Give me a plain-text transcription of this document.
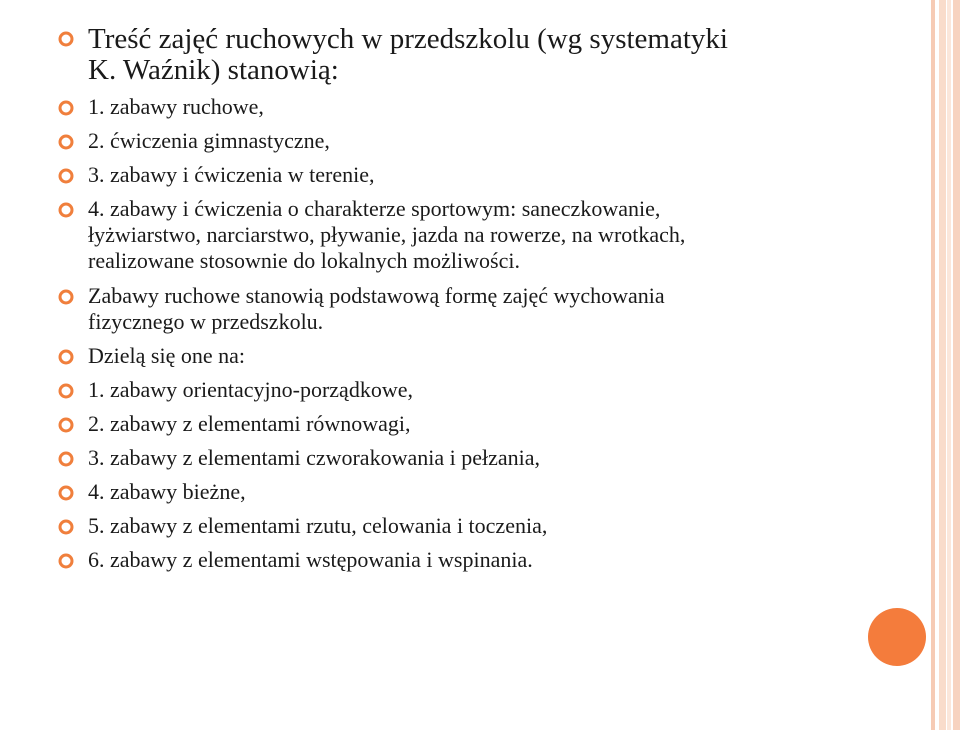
Treść zajęć ruchowych w przedszkolu (wg systematyki
K. Waźnik) stanowią:
1. zabawy ruchowe,
2. ćwiczenia gimnastyczne,
3. zabawy i ćwiczenia w terenie,
4. zabawy i ćwiczenia o charakterze sportowym: saneczkowanie,
łyżwiarstwo, narciarstwo, pływanie, jazda na rowerze, na wrotkach,
realizowane stosownie do lokalnych możliwości.
Zabawy ruchowe stanowią podstawową formę zajęć wychowania
fizycznego w przedszkolu.
Dzielą się one na:
1. zabawy orientacyjno-porządkowe,
2. zabawy z elementami równowagi,
3. zabawy z elementami czworakowania i pełzania,
4. zabawy bieżne,
5. zabawy z elementami rzutu, celowania i toczenia,
6. zabawy z elementami wstępowania i wspinania.
